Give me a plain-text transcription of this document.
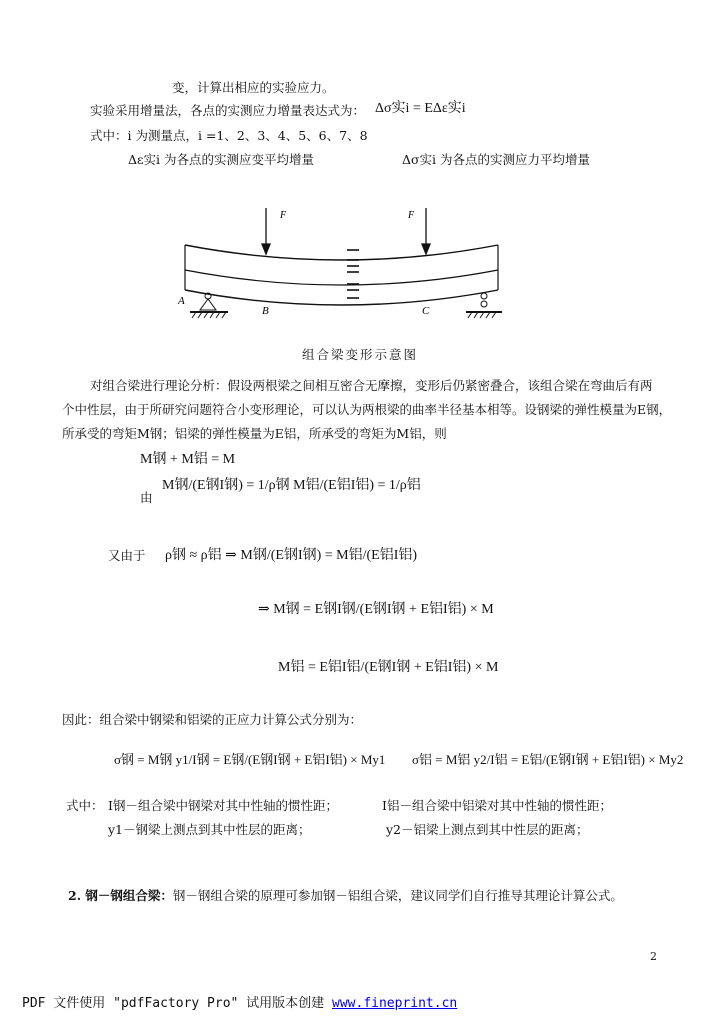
变，计算出相应的实验应力。
实验采用增量法，各点的实测应力增量表达式为： Δσ实i = EΔε实i
式中：i 为测量点，i =1、2、3、4、5、6、7、8
Δε实i 为各点的实测应变平均增量	Δσ实i 为各点的实测应力平均增量
F	F
A
B	C
组合梁变形示意图
对组合梁进行理论分析：假设两根梁之间相互密合无摩擦，变形后仍紧密叠合，该组合梁在弯曲后有两
个中性层，由于所研究问题符合小变形理论，可以认为两根梁的曲率半径基本相等。设钢梁的弹性模量为E钢，
所承受的弯矩M钢；铝梁的弹性模量为E铝，所承受的弯矩为M铝，则
M钢 + M铝 = M
由
M钢/(E钢I钢) = 1/ρ钢 M铝/(E铝I铝) = 1/ρ铝
又由于 ρ钢 ≈ ρ铝 ⇒ M钢/(E钢I钢) = M铝/(E铝I铝)
⇒ M钢 = E钢I钢/(E钢I钢 + E铝I铝) × M
M铝 = E铝I铝/(E钢I钢 + E铝I铝) × M
因此：组合梁中钢梁和铝梁的正应力计算公式分别为：
σ钢 = M钢 y1/I钢 = E钢/(E钢I钢 + E铝I铝) × My1 σ铝 = M铝 y2/I铝 = E铝/(E钢I钢 + E铝I铝) × My2
式中： I钢－组合梁中钢梁对其中性轴的惯性距；	I铝－组合梁中铝梁对其中性轴的惯性距；
y1－钢梁上测点到其中性层的距离；	y2－铝梁上测点到其中性层的距离；
2. 钢－钢组合梁：钢－钢组合梁的原理可参加钢－铝组合梁，建议同学们自行推导其理论计算公式。
2
PDF 文件使用 "pdfFactory Pro" 试用版本创建 www.fineprint.cn
